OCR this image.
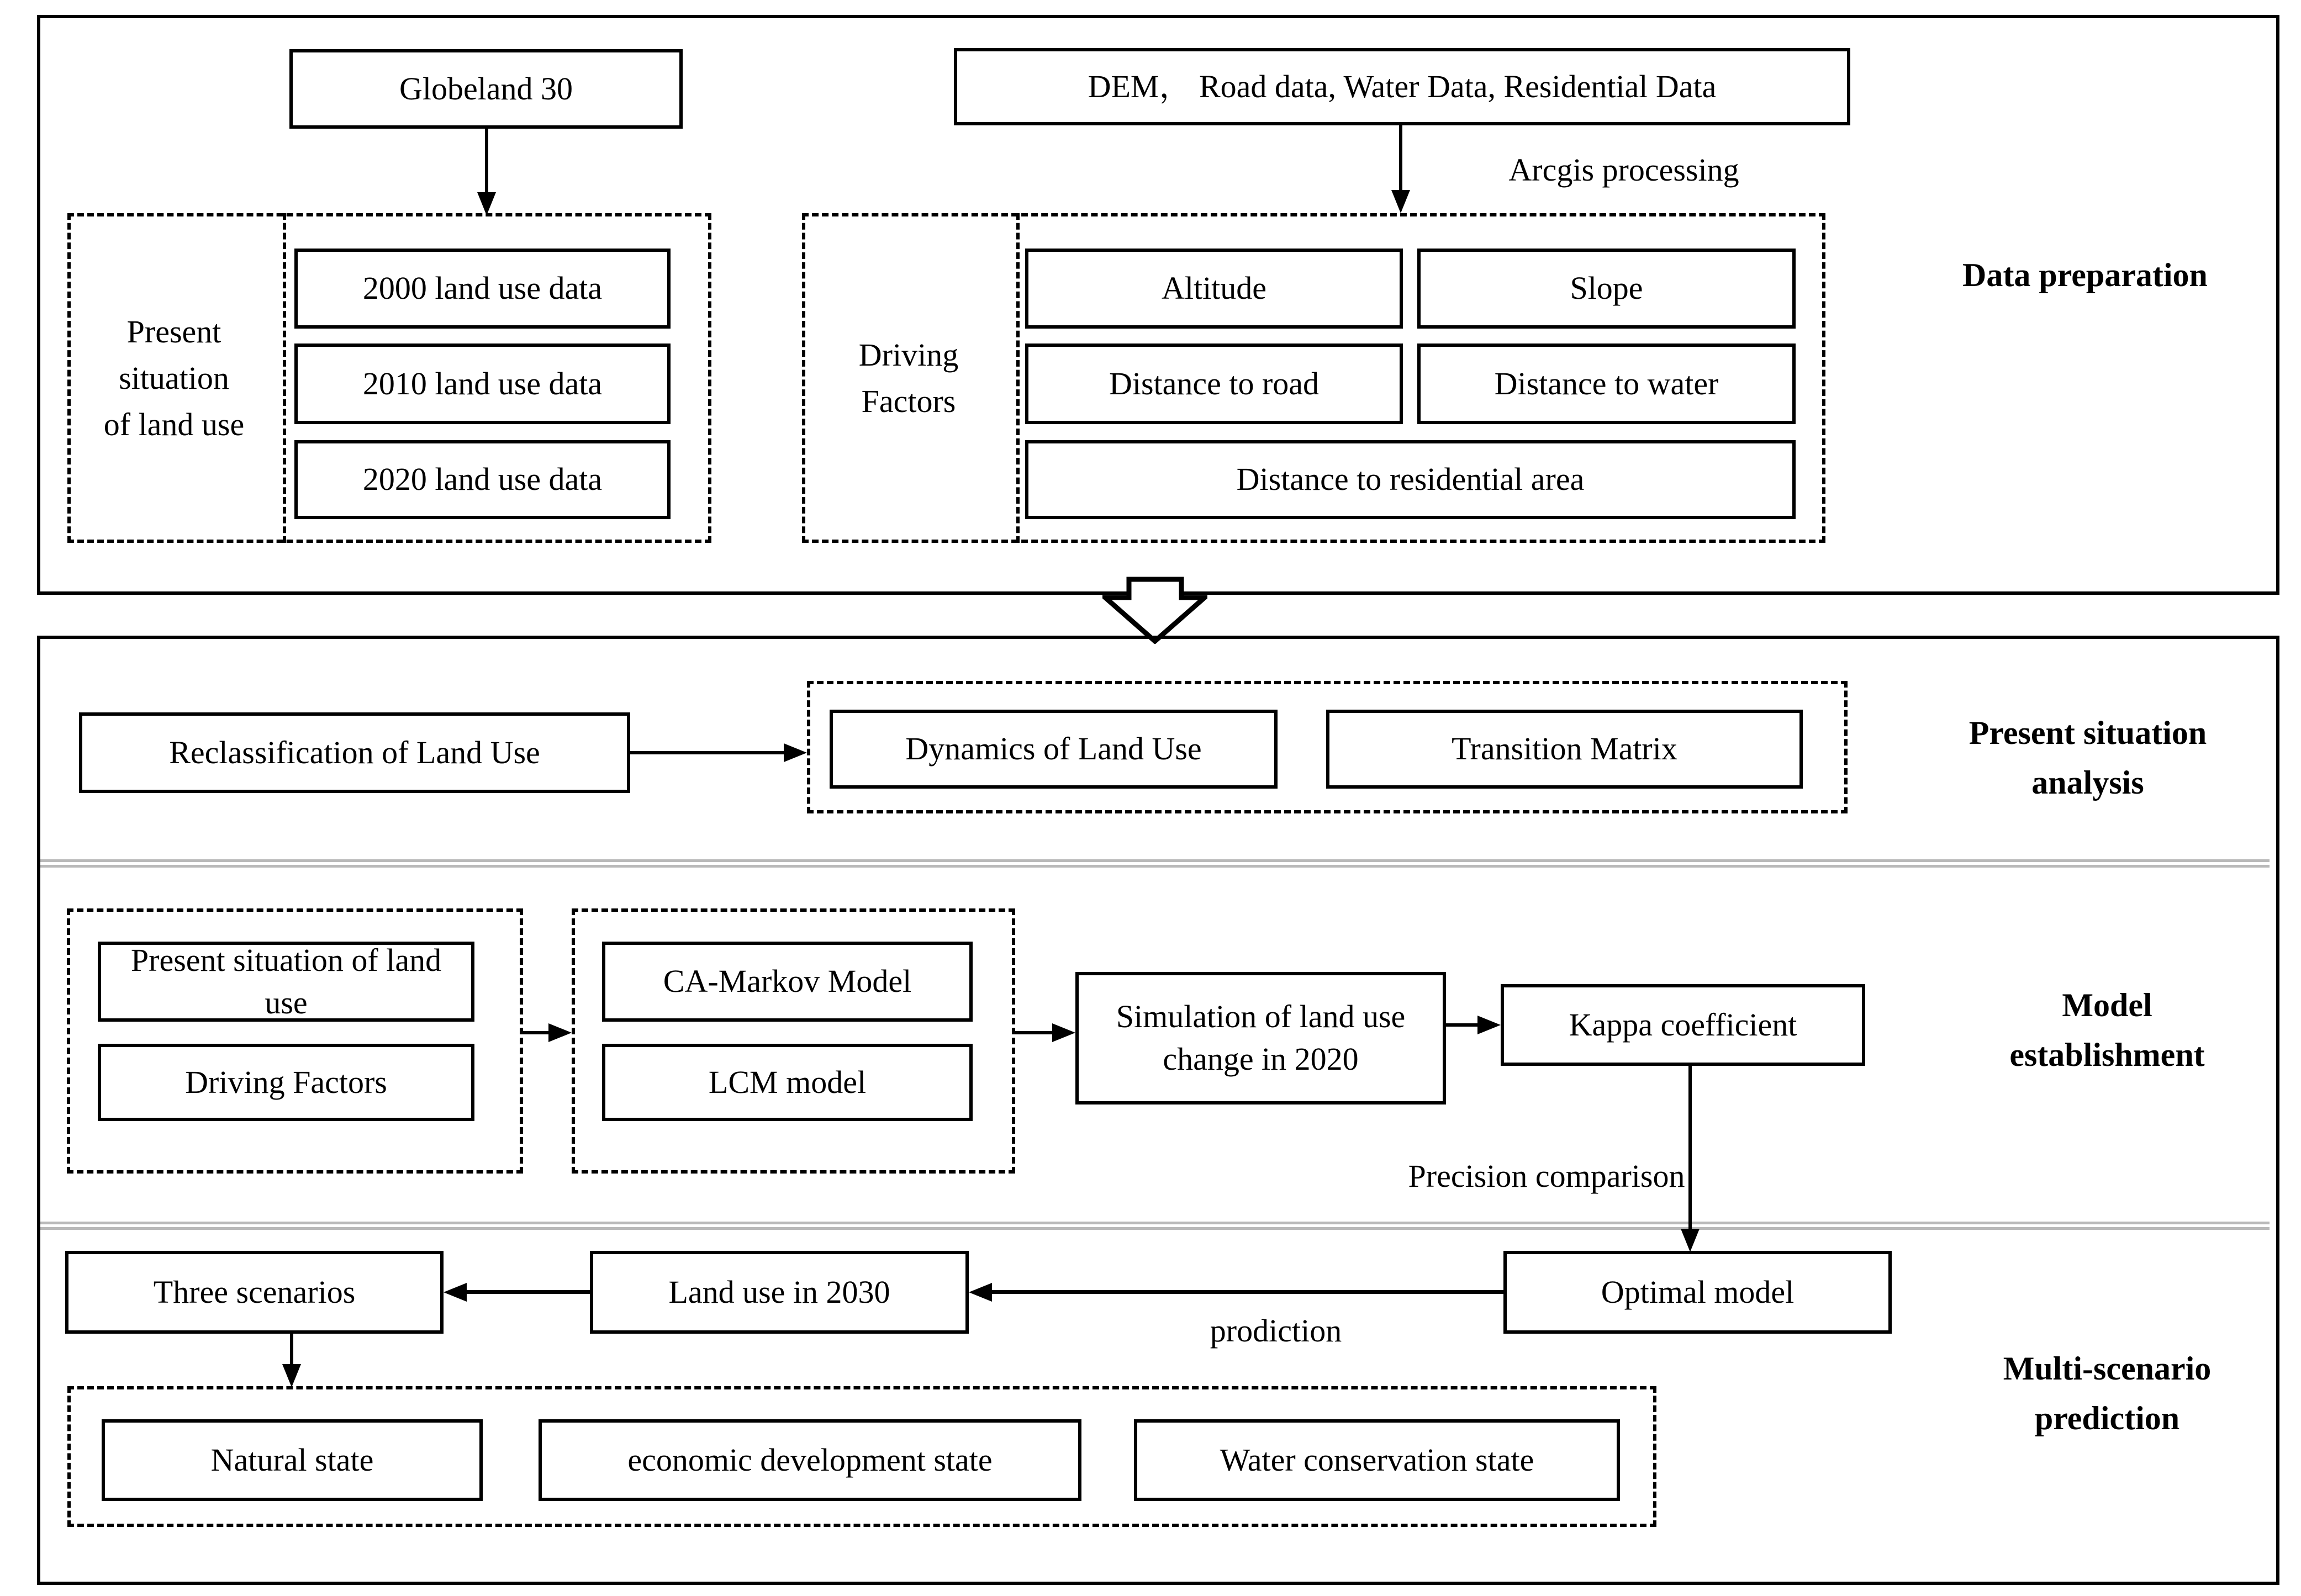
Globeland 30	DEM， Road data, Water Data, Residential Data
Arcgis processing
Present situation of land use
2000 land use data
2010 land use data
2020 land use data
Driving Factors
Altitude	Slope
Distance to road	Distance to water
Distance to residential area
Data preparation
Reclassification of Land Use	Dynamics of Land Use	Transition Matrix	Present situation analysis
Present situation of land use
Driving Factors
CA-Markov Model
LCM model
Simulation of land use change in 2020
Kappa coefficient
Model establishment
Precision comparison
Three scenarios	Land use in 2030	Optimal model
prodiction
Natural state	economic development state	Water conservation state
Multi-scenario prediction
